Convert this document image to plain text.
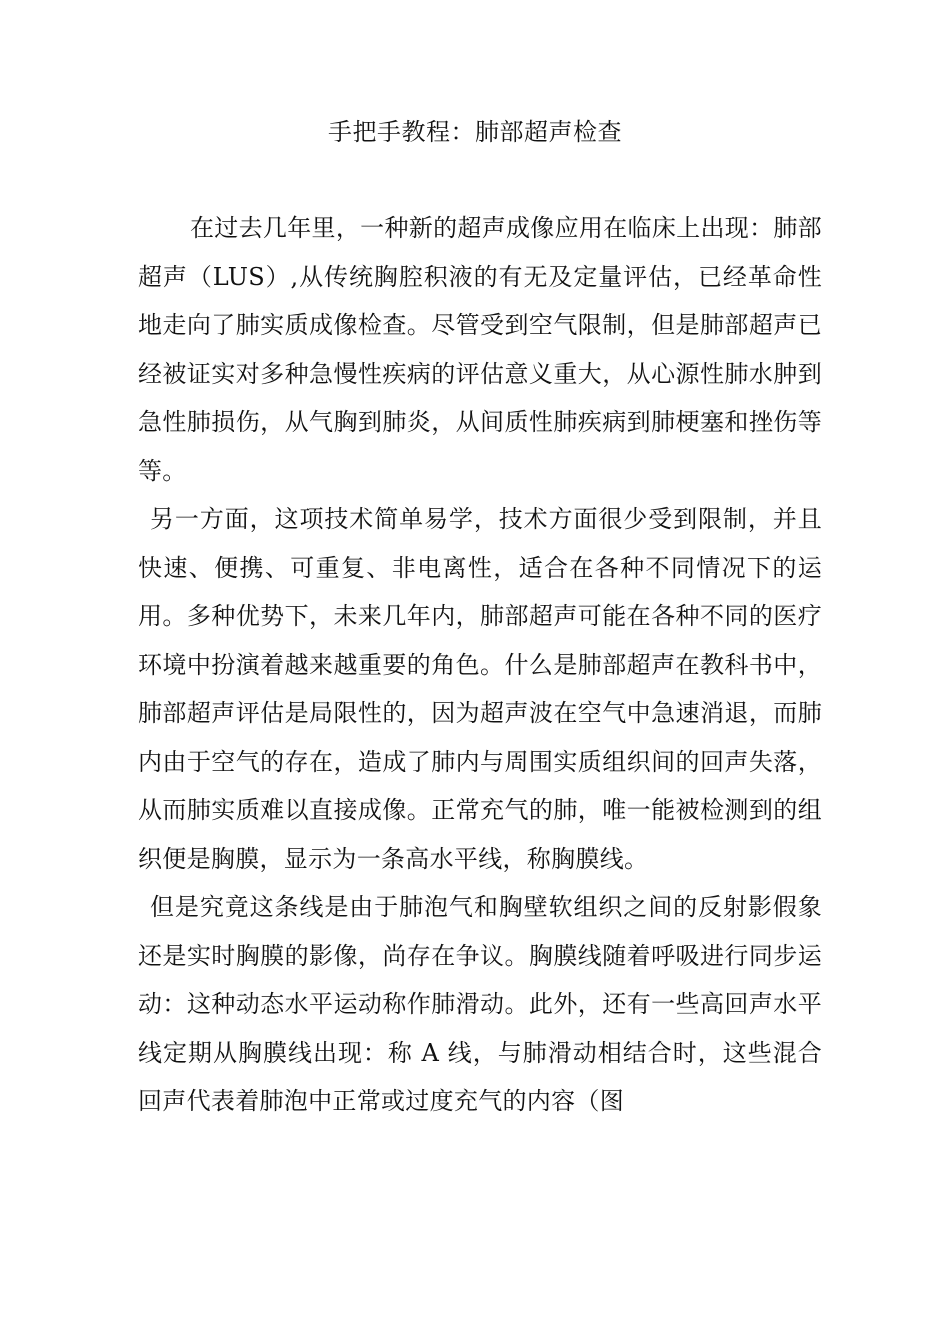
手把手教程：肺部超声检查

在过去几年里，一种新的超声成像应用在临床上出现：肺部超声（LUS）,从传统胸腔积液的有无及定量评估，已经革命性地走向了肺实质成像检查。尽管受到空气限制，但是肺部超声已经被证实对多种急慢性疾病的评估意义重大，从心源性肺水肿到急性肺损伤，从气胸到肺炎，从间质性肺疾病到肺梗塞和挫伤等等。

另一方面，这项技术简单易学，技术方面很少受到限制，并且快速、便携、可重复、非电离性，适合在各种不同情况下的运用。多种优势下，未来几年内，肺部超声可能在各种不同的医疗环境中扮演着越来越重要的角色。什么是肺部超声在教科书中，肺部超声评估是局限性的，因为超声波在空气中急速消退，而肺内由于空气的存在，造成了肺内与周围实质组织间的回声失落，从而肺实质难以直接成像。正常充气的肺，唯一能被检测到的组织便是胸膜，显示为一条高水平线，称胸膜线。

但是究竟这条线是由于肺泡气和胸壁软组织之间的反射影假象还是实时胸膜的影像，尚存在争议。胸膜线随着呼吸进行同步运动：这种动态水平运动称作肺滑动。此外，还有一些高回声水平线定期从胸膜线出现：称 A 线，与肺滑动相结合时，这些混合回声代表着肺泡中正常或过度充气的内容（图
